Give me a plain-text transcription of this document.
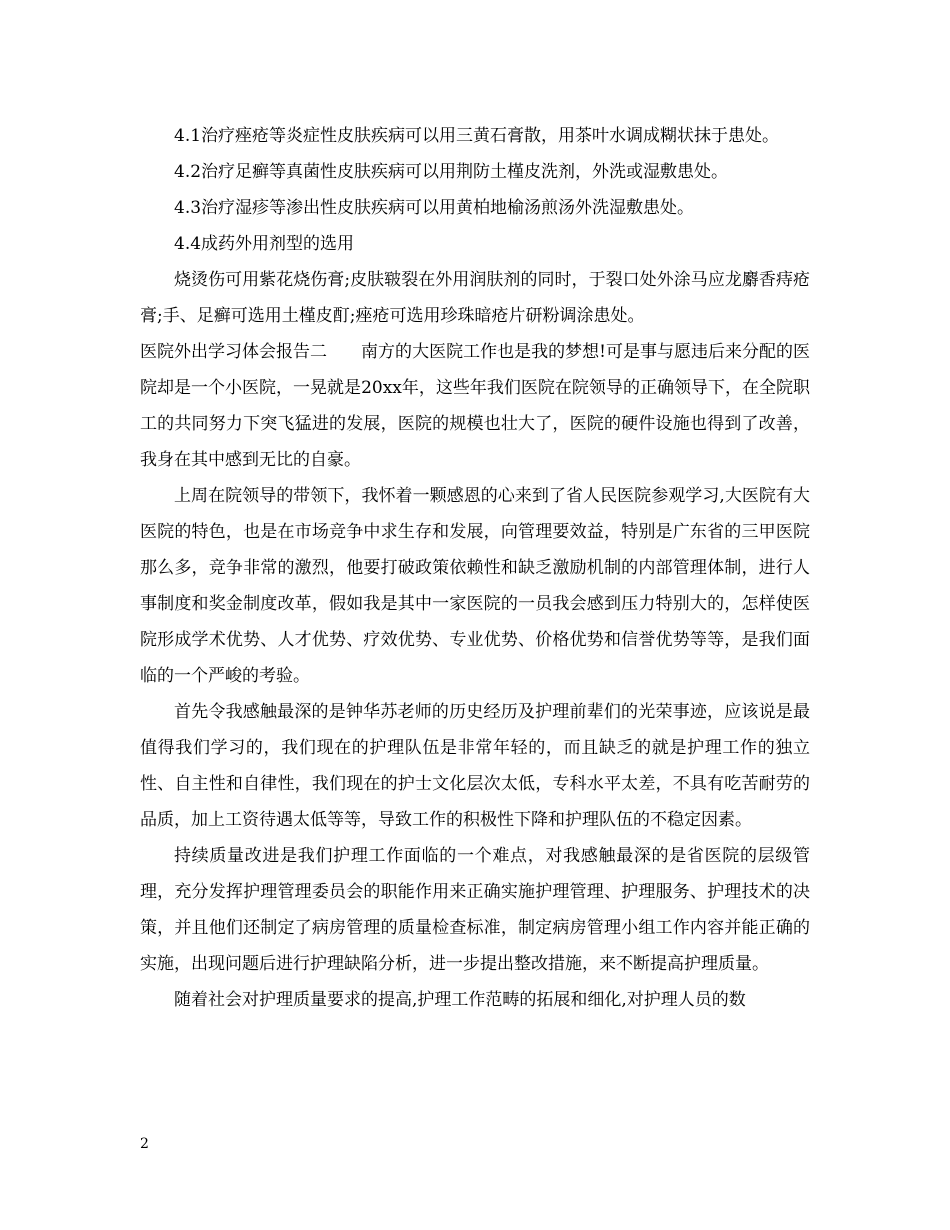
4.1治疗痤疮等炎症性皮肤疾病可以用三黄石膏散，用茶叶水调成糊状抹于患处。

4.2治疗足癣等真菌性皮肤疾病可以用荆防土槿皮洗剂，外洗或湿敷患处。

4.3治疗湿疹等渗出性皮肤疾病可以用黄柏地榆汤煎汤外洗湿敷患处。

4.4成药外用剂型的选用

烧烫伤可用紫花烧伤膏;皮肤皲裂在外用润肤剂的同时，于裂口处外涂马应龙麝香痔疮膏;手、足癣可选用土槿皮酊;痤疮可选用珍珠暗疮片研粉调涂患处。

医院外出学习体会报告二　　南方的大医院工作也是我的梦想!可是事与愿违后来分配的医院却是一个小医院，一晃就是20xx年，这些年我们医院在院领导的正确领导下，在全院职工的共同努力下突飞猛进的发展，医院的规模也壮大了，医院的硬件设施也得到了改善，我身在其中感到无比的自豪。

上周在院领导的带领下，我怀着一颗感恩的心来到了省人民医院参观学习,大医院有大医院的特色，也是在市场竞争中求生存和发展，向管理要效益，特别是广东省的三甲医院那么多，竞争非常的激烈，他要打破政策依赖性和缺乏激励机制的内部管理体制，进行人事制度和奖金制度改革，假如我是其中一家医院的一员我会感到压力特别大的，怎样使医院形成学术优势、人才优势、疗效优势、专业优势、价格优势和信誉优势等等，是我们面临的一个严峻的考验。

首先令我感触最深的是钟华苏老师的历史经历及护理前辈们的光荣事迹，应该说是最值得我们学习的，我们现在的护理队伍是非常年轻的，而且缺乏的就是护理工作的独立性、自主性和自律性，我们现在的护士文化层次太低，专科水平太差，不具有吃苦耐劳的品质，加上工资待遇太低等等，导致工作的积极性下降和护理队伍的不稳定因素。

持续质量改进是我们护理工作面临的一个难点，对我感触最深的是省医院的层级管理，充分发挥护理管理委员会的职能作用来正确实施护理管理、护理服务、护理技术的决策，并且他们还制定了病房管理的质量检查标准，制定病房管理小组工作内容并能正确的实施，出现问题后进行护理缺陷分析，进一步提出整改措施，来不断提高护理质量。

随着社会对护理质量要求的提高,护理工作范畴的拓展和细化,对护理人员的数

2
